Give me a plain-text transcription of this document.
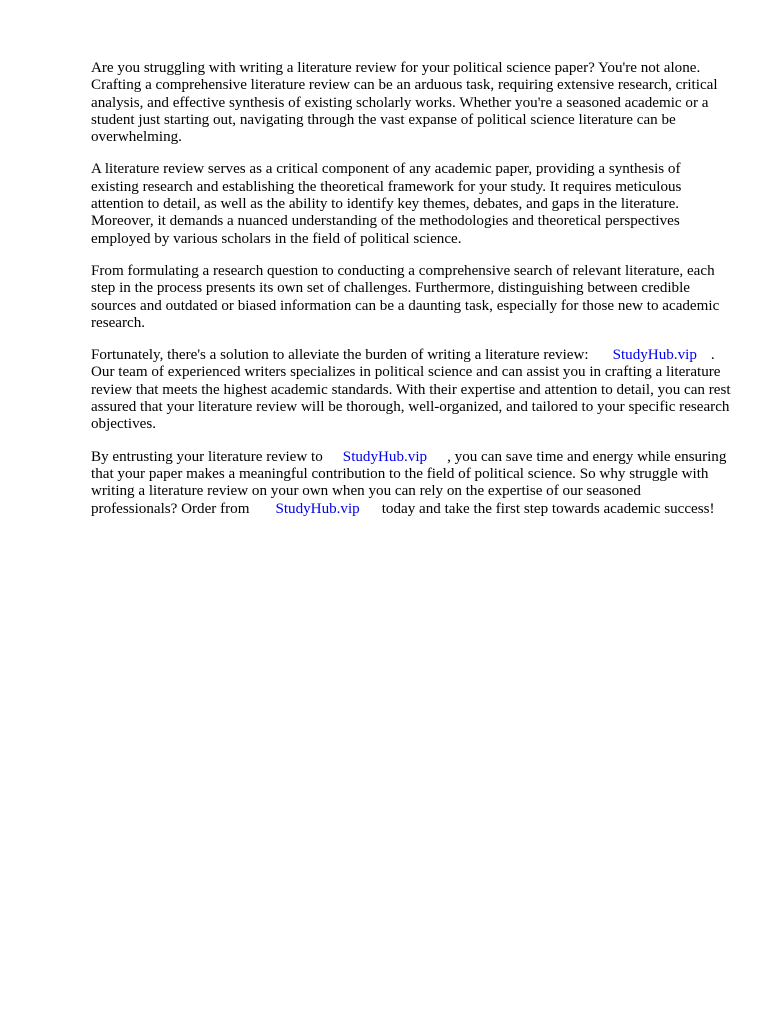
Are you struggling with writing a literature review for your political science paper? You're not alone. Crafting a comprehensive literature review can be an arduous task, requiring extensive research, critical analysis, and effective synthesis of existing scholarly works. Whether you're a seasoned academic or a student just starting out, navigating through the vast expanse of political science literature can be overwhelming.

A literature review serves as a critical component of any academic paper, providing a synthesis of existing research and establishing the theoretical framework for your study. It requires meticulous attention to detail, as well as the ability to identify key themes, debates, and gaps in the literature. Moreover, it demands a nuanced understanding of the methodologies and theoretical perspectives employed by various scholars in the field of political science.

From formulating a research question to conducting a comprehensive search of relevant literature, each step in the process presents its own set of challenges. Furthermore, distinguishing between credible sources and outdated or biased information can be a daunting task, especially for those new to academic research.

Fortunately, there's a solution to alleviate the burden of writing a literature review: StudyHub.vip . Our team of experienced writers specializes in political science and can assist you in crafting a literature review that meets the highest academic standards. With their expertise and attention to detail, you can rest assured that your literature review will be thorough, well-organized, and tailored to your specific research objectives.

By entrusting your literature review to StudyHub.vip , you can save time and energy while ensuring that your paper makes a meaningful contribution to the field of political science. So why struggle with writing a literature review on your own when you can rely on the expertise of our seasoned professionals? Order from StudyHub.vip today and take the first step towards academic success!
